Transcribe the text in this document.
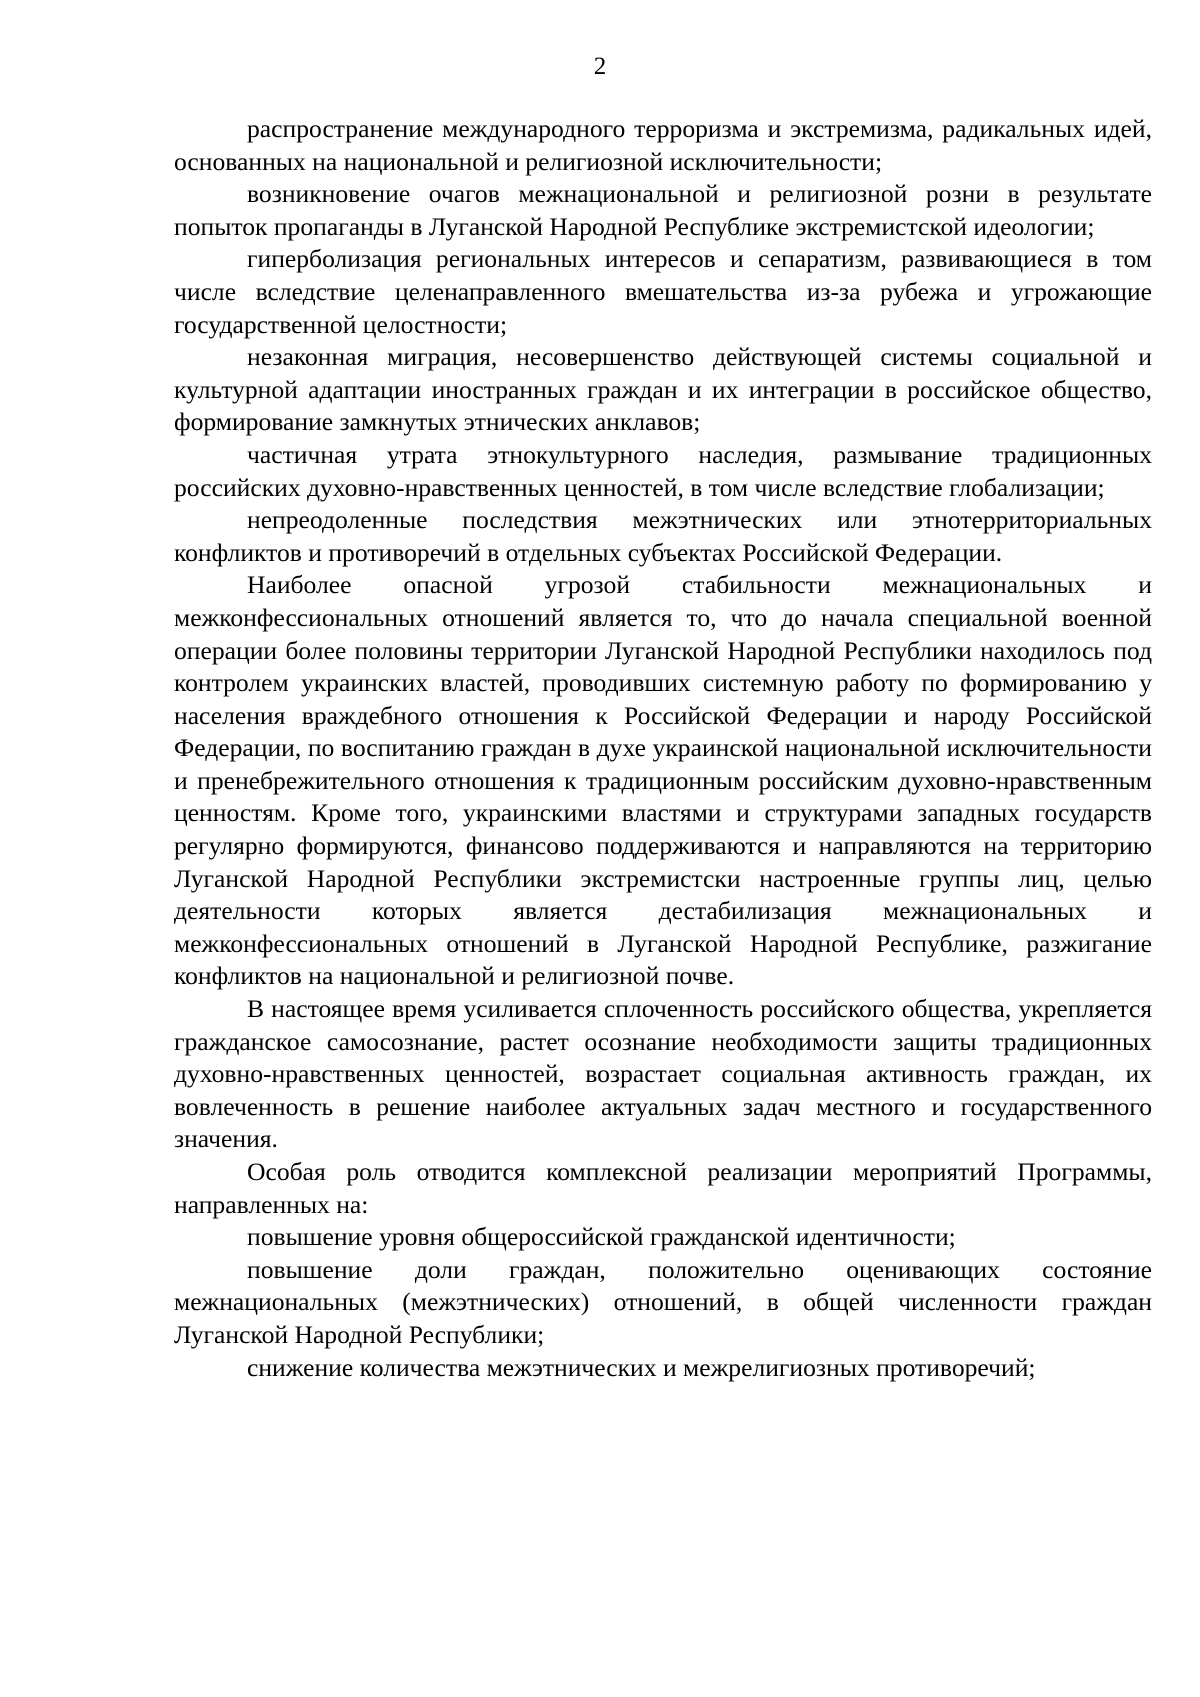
2

распространение международного терроризма и экстремизма, радикальных идей, основанных на национальной и религиозной исключительности;

возникновение очагов межнациональной и религиозной розни в результате попыток пропаганды в Луганской Народной Республике экстремистской идеологии;

гиперболизация региональных интересов и сепаратизм, развивающиеся в том числе вследствие целенаправленного вмешательства из-за рубежа и угрожающие государственной целостности;

незаконная миграция, несовершенство действующей системы социальной и культурной адаптации иностранных граждан и их интеграции в российское общество, формирование замкнутых этнических анклавов;

частичная утрата этнокультурного наследия, размывание традиционных российских духовно-нравственных ценностей, в том числе вследствие глобализации;

непреодоленные последствия межэтнических или этнотерриториальных конфликтов и противоречий в отдельных субъектах Российской Федерации.

Наиболее опасной угрозой стабильности межнациональных и межконфессиональных отношений является то, что до начала специальной военной операции более половины территории Луганской Народной Республики находилось под контролем украинских властей, проводивших системную работу по формированию у населения враждебного отношения к Российской Федерации и народу Российской Федерации, по воспитанию граждан в духе украинской национальной исключительности и пренебрежительного отношения к традиционным российским духовно-нравственным ценностям. Кроме того, украинскими властями и структурами западных государств регулярно формируются, финансово поддерживаются и направляются на территорию Луганской Народной Республики экстремистски настроенные группы лиц, целью деятельности которых является дестабилизация межнациональных и межконфессиональных отношений в Луганской Народной Республике, разжигание конфликтов на национальной и религиозной почве.

В настоящее время усиливается сплоченность российского общества, укрепляется гражданское самосознание, растет осознание необходимости защиты традиционных духовно-нравственных ценностей, возрастает социальная активность граждан, их вовлеченность в решение наиболее актуальных задач местного и государственного значения.

Особая роль отводится комплексной реализации мероприятий Программы, направленных на:

повышение уровня общероссийской гражданской идентичности;

повышение доли граждан, положительно оценивающих состояние межнациональных (межэтнических) отношений, в общей численности граждан Луганской Народной Республики;

снижение количества межэтнических и межрелигиозных противоречий;
